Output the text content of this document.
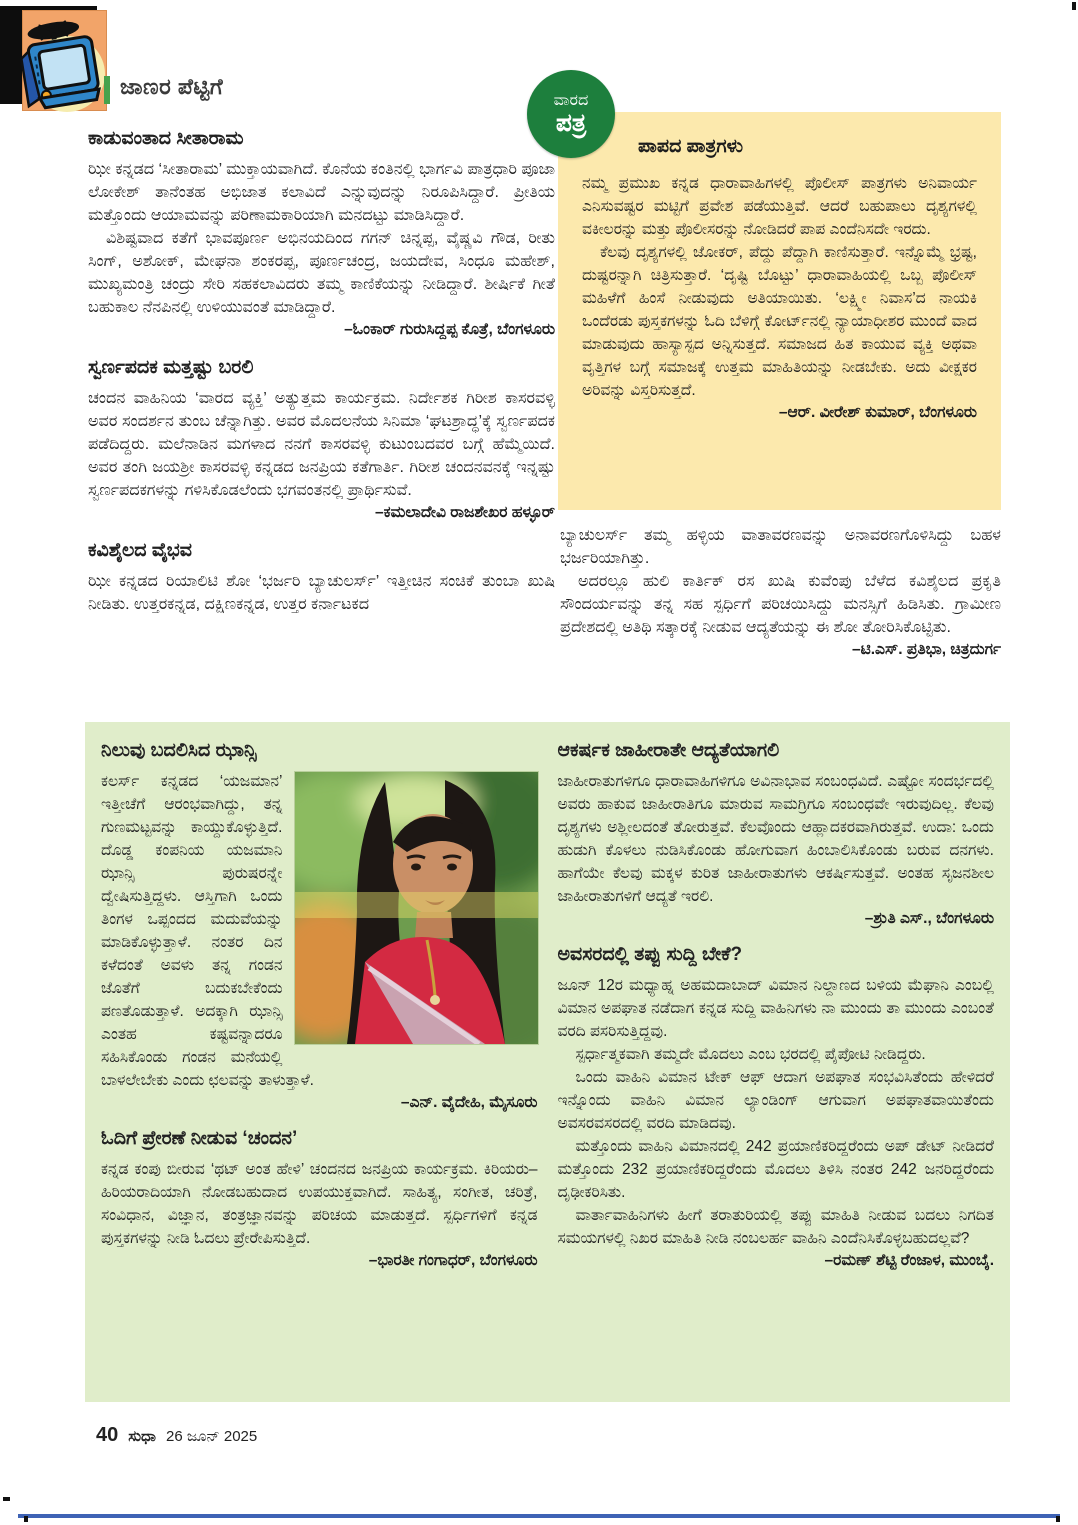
ಜಾಣರ ಪೆಟ್ಟಿಗೆ
ವಾರದ
ಪತ್ರ
ಕಾಡುವಂತಾದ ಸೀತಾರಾಮ

ಝೀ ಕನ್ನಡದ ‘ಸೀತಾರಾಮ’ ಮುಕ್ತಾಯವಾಗಿದೆ. ಕೊನೆಯ ಕಂತಿನಲ್ಲಿ ಭಾರ್ಗವಿ ಪಾತ್ರಧಾರಿ ಪೂಜಾ ಲೋಕೇಶ್ ತಾನೆಂತಹ ಅಭಿಜಾತ ಕಲಾವಿದೆ ಎನ್ನುವುದನ್ನು ನಿರೂಪಿಸಿದ್ದಾರೆ. ಪ್ರೀತಿಯ ಮತ್ತೊಂದು ಆಯಾಮವನ್ನು ಪರಿಣಾಮಕಾರಿಯಾಗಿ ಮನದಟ್ಟು ಮಾಡಿಸಿದ್ದಾರೆ.

ವಿಶಿಷ್ಟವಾದ ಕತೆಗೆ ಭಾವಪೂರ್ಣ ಅಭಿನಯದಿಂದ ಗಗನ್ ಚಿನ್ನಪ್ಪ, ವೈಷ್ಣವಿ ಗೌಡ, ರೀತು ಸಿಂಗ್, ಅಶೋಕ್, ಮೇಘನಾ ಶಂಕರಪ್ಪ, ಪೂರ್ಣಚಂದ್ರ, ಜಯದೇವ, ಸಿಂಧೂ ಮಹೇಶ್, ಮುಖ್ಯಮಂತ್ರಿ ಚಂದ್ರು ಸೇರಿ ಸಹಕಲಾವಿದರು ತಮ್ಮ ಕಾಣಿಕೆಯನ್ನು ನೀಡಿದ್ದಾರೆ. ಶೀರ್ಷಿಕೆ ಗೀತೆ ಬಹುಕಾಲ ನೆನಪಿನಲ್ಲಿ ಉಳಿಯುವಂತೆ ಮಾಡಿದ್ದಾರೆ.

–ಓಂಕಾರ್ ಗುರುಸಿದ್ದಪ್ಪ ಕೊತ್ರೆ, ಬೆಂಗಳೂರು
ಸ್ವರ್ಣಪದಕ ಮತ್ತಷ್ಟು ಬರಲಿ

ಚಂದನ ವಾಹಿನಿಯ ‘ವಾರದ ವ್ಯಕ್ತಿ’ ಅತ್ಯುತ್ತಮ ಕಾರ್ಯಕ್ರಮ. ನಿರ್ದೇಶಕ ಗಿರೀಶ ಕಾಸರವಳ್ಳಿ ಅವರ ಸಂದರ್ಶನ ತುಂಬ ಚೆನ್ನಾಗಿತ್ತು. ಅವರ ಮೊದಲನೆಯ ಸಿನಿಮಾ ‘ಘಟಶ್ರಾದ್ಧ’ಕ್ಕೆ ಸ್ವರ್ಣಪದಕ ಪಡೆದಿದ್ದರು. ಮಲೆನಾಡಿನ ಮಗಳಾದ ನನಗೆ ಕಾಸರವಳ್ಳಿ ಕುಟುಂಬದವರ ಬಗ್ಗೆ ಹೆಮ್ಮೆಯಿದೆ. ಅವರ ತಂಗಿ ಜಯಶ್ರೀ ಕಾಸರವಳ್ಳಿ ಕನ್ನಡದ ಜನಪ್ರಿಯ ಕತೆಗಾರ್ತಿ. ಗಿರೀಶ ಚಂದನವನಕ್ಕೆ ಇನ್ನಷ್ಟು ಸ್ವರ್ಣಪದಕಗಳನ್ನು ಗಳಿಸಿಕೊಡಲೆಂದು ಭಗವಂತನಲ್ಲಿ ಪ್ರಾರ್ಥಿಸುವೆ.

–ಕಮಲಾದೇವಿ ರಾಜಶೇಖರ ಹಳ್ಳೂರ್
ಕವಿಶೈಲದ ವೈಭವ

ಝೀ ಕನ್ನಡದ ರಿಯಾಲಿಟಿ ಶೋ ‘ಭರ್ಜರಿ ಬ್ಯಾಚುಲರ್ಸ್’ ಇತ್ತೀಚಿನ ಸಂಚಿಕೆ ತುಂಬಾ ಖುಷಿ ನೀಡಿತು. ಉತ್ತರಕನ್ನಡ, ದಕ್ಷಿಣಕನ್ನಡ, ಉತ್ತರ ಕರ್ನಾಟಕದ

ಪಾಪದ ಪಾತ್ರಗಳು

ನಮ್ಮ ಪ್ರಮುಖ ಕನ್ನಡ ಧಾರಾವಾಹಿಗಳಲ್ಲಿ ಪೊಲೀಸ್ ಪಾತ್ರಗಳು ಅನಿವಾರ್ಯ ಎನಿಸುವಷ್ಟರ ಮಟ್ಟಿಗೆ ಪ್ರವೇಶ ಪಡೆಯುತ್ತಿವೆ. ಆದರೆ ಬಹುಪಾಲು ದೃಶ್ಯಗಳಲ್ಲಿ ವಕೀಲರನ್ನು ಮತ್ತು ಪೊಲೀಸರನ್ನು ನೋಡಿದರೆ ಪಾಪ ಎಂದೆನಿಸದೇ ಇರದು.

ಕೆಲವು ದೃಶ್ಯಗಳಲ್ಲಿ ಜೋಕರ್, ಪೆದ್ದು ಪೆದ್ದಾಗಿ ಕಾಣಿಸುತ್ತಾರೆ. ಇನ್ನೊಮ್ಮೆ ಭ್ರಷ್ಟ, ದುಷ್ಟರನ್ನಾಗಿ ಚಿತ್ರಿಸುತ್ತಾರೆ. ‘ದೃಷ್ಟಿ ಬೊಟ್ಟು’ ಧಾರಾವಾಹಿಯಲ್ಲಿ ಒಬ್ಬ ಪೊಲೀಸ್ ಮಹಿಳೆಗೆ ಹಿಂಸೆ ನೀಡುವುದು ಅತಿಯಾಯಿತು. ‘ಲಕ್ಷ್ಮೀ ನಿವಾಸ’ದ ನಾಯಕಿ ಒಂದೆರಡು ಪುಸ್ತಕಗಳನ್ನು ಓದಿ ಬೆಳಿಗ್ಗೆ ಕೋರ್ಟ್‌ನಲ್ಲಿ ನ್ಯಾಯಾಧೀಶರ ಮುಂದೆ ವಾದ ಮಾಡುವುದು ಹಾಸ್ಯಾಸ್ಪದ ಅನ್ನಿಸುತ್ತದೆ. ಸಮಾಜದ ಹಿತ ಕಾಯುವ ವ್ಯಕ್ತಿ ಅಥವಾ ವೃತ್ತಿಗಳ ಬಗ್ಗೆ ಸಮಾಜಕ್ಕೆ ಉತ್ತಮ ಮಾಹಿತಿಯನ್ನು ನೀಡಬೇಕು. ಅದು ವೀಕ್ಷಕರ ಅರಿವನ್ನು ವಿಸ್ತರಿಸುತ್ತದೆ.

–ಆರ್. ವೀರೇಶ್ ಕುಮಾರ್, ಬೆಂಗಳೂರು

ಬ್ಯಾಚುಲರ್ಸ್ ತಮ್ಮ ಹಳ್ಳಿಯ ವಾತಾವರಣವನ್ನು ಅನಾವರಣಗೊಳಿಸಿದ್ದು ಬಹಳ ಭರ್ಜರಿಯಾಗಿತ್ತು.

ಅದರಲ್ಲೂ ಹುಲಿ ಕಾರ್ತಿಕ್ ರಸ ಖುಷಿ ಕುವೆಂಪು ಬೆಳೆದ ಕವಿಶೈಲದ ಪ್ರಕೃತಿ ಸೌಂದರ್ಯವನ್ನು ತನ್ನ ಸಹ ಸ್ಪರ್ಧಿಗೆ ಪರಿಚಯಿಸಿದ್ದು ಮನಸ್ಸಿಗೆ ಹಿಡಿಸಿತು. ಗ್ರಾಮೀಣ ಪ್ರದೇಶದಲ್ಲಿ ಅತಿಥಿ ಸತ್ಕಾರಕ್ಕೆ ನೀಡುವ ಆದ್ಯತೆಯನ್ನು ಈ ಶೋ ತೋರಿಸಿಕೊಟ್ಟಿತು.

–ಟಿ.ಎಸ್. ಪ್ರತಿಭಾ, ಚಿತ್ರದುರ್ಗ
ನಿಲುವು ಬದಲಿಸಿದ ಝಾನ್ಸಿ

ಕಲರ್ಸ್ ಕನ್ನಡದ ‘ಯಜಮಾನ’ ಇತ್ತೀಚೆಗೆ ಆರಂಭವಾಗಿದ್ದು, ತನ್ನ ಗುಣಮಟ್ಟವನ್ನು ಕಾಯ್ದುಕೊಳ್ಳುತ್ತಿದೆ. ದೊಡ್ಡ ಕಂಪನಿಯ ಯಜಮಾನಿ ಝಾನ್ಸಿ ಪುರುಷರನ್ನೇ ದ್ವೇಷಿಸುತ್ತಿದ್ದಳು. ಆಸ್ತಿಗಾಗಿ ಒಂದು ತಿಂಗಳ ಒಪ್ಪಂದದ ಮದುವೆಯನ್ನು ಮಾಡಿಕೊಳ್ಳುತ್ತಾಳೆ. ನಂತರ ದಿನ ಕಳೆದಂತೆ ಅವಳು ತನ್ನ ಗಂಡನ ಜೊತೆಗೆ ಬದುಕಬೇಕೆಂದು ಪಣತೊಡುತ್ತಾಳೆ. ಅದಕ್ಕಾಗಿ ಝಾನ್ಸಿ ಎಂತಹ ಕಷ್ಟವನ್ನಾದರೂ ಸಹಿಸಿಕೊಂಡು ಗಂಡನ ಮನೆಯಲ್ಲಿ ಬಾಳಲೇಬೇಕು ಎಂದು ಛಲವನ್ನು ತಾಳುತ್ತಾಳೆ.

–ಎನ್. ವೈದೇಹಿ, ಮೈಸೂರು
ಓದಿಗೆ ಪ್ರೇರಣೆ ನೀಡುವ ‘ಚಂದನ’

ಕನ್ನಡ ಕಂಪು ಬೀರುವ ‘ಥಟ್ ಅಂತ ಹೇಳಿ’ ಚಂದನದ ಜನಪ್ರಿಯ ಕಾರ್ಯಕ್ರಮ. ಕಿರಿಯರು–ಹಿರಿಯರಾದಿಯಾಗಿ ನೋಡಬಹುದಾದ ಉಪಯುಕ್ತವಾಗಿದೆ. ಸಾಹಿತ್ಯ, ಸಂಗೀತ, ಚರಿತ್ರೆ, ಸಂವಿಧಾನ, ವಿಜ್ಞಾನ, ತಂತ್ರಜ್ಞಾನವನ್ನು ಪರಿಚಯ ಮಾಡುತ್ತದೆ. ಸ್ಪರ್ಧಿಗಳಿಗೆ ಕನ್ನಡ ಪುಸ್ತಕಗಳನ್ನು ನೀಡಿ ಓದಲು ಪ್ರೇರೇಪಿಸುತ್ತಿದೆ.

–ಭಾರತೀ ಗಂಗಾಧರ್, ಬೆಂಗಳೂರು
ಆಕರ್ಷಕ ಜಾಹೀರಾತೇ ಆದ್ಯತೆಯಾಗಲಿ

ಜಾಹೀರಾತುಗಳಿಗೂ ಧಾರಾವಾಹಿಗಳಿಗೂ ಅವಿನಾಭಾವ ಸಂಬಂಧವಿದೆ. ಎಷ್ಟೋ ಸಂದರ್ಭದಲ್ಲಿ ಅವರು ಹಾಕುವ ಜಾಹೀರಾತಿಗೂ ಮಾರುವ ಸಾಮಗ್ರಿಗೂ ಸಂಬಂಧವೇ ಇರುವುದಿಲ್ಲ. ಕೆಲವು ದೃಶ್ಯಗಳು ಅಶ್ಲೀಲದಂತೆ ತೋರುತ್ತವೆ. ಕೆಲವೊಂದು ಆಹ್ಲಾದಕರವಾಗಿರುತ್ತವೆ. ಉದಾ: ಒಂದು ಹುಡುಗಿ ಕೊಳಲು ನುಡಿಸಿಕೊಂಡು ಹೋಗುವಾಗ ಹಿಂಬಾಲಿಸಿಕೊಂಡು ಬರುವ ದನಗಳು. ಹಾಗೆಯೇ ಕೆಲವು ಮಕ್ಕಳ ಕುರಿತ ಜಾಹೀರಾತುಗಳು ಆಕರ್ಷಿಸುತ್ತವೆ. ಅಂತಹ ಸೃಜನಶೀಲ ಜಾಹೀರಾತುಗಳಿಗೆ ಆದ್ಯತೆ ಇರಲಿ.

–ಶ್ರುತಿ ಎಸ್., ಬೆಂಗಳೂರು
ಅವಸರದಲ್ಲಿ ತಪ್ಪು ಸುದ್ದಿ ಬೇಕೆ?

ಜೂನ್ 12ರ ಮಧ್ಯಾಹ್ನ ಅಹಮದಾಬಾದ್ ವಿಮಾನ ನಿಲ್ದಾಣದ ಬಳಿಯ ಮೆಘಾನಿ ಎಂಬಲ್ಲಿ ವಿಮಾನ ಅಪಘಾತ ನಡೆದಾಗ ಕನ್ನಡ ಸುದ್ದಿ ವಾಹಿನಿಗಳು ನಾ ಮುಂದು ತಾ ಮುಂದು ಎಂಬಂತೆ ವರದಿ ಪಸರಿಸುತ್ತಿದ್ದವು.

ಸ್ಪರ್ಧಾತ್ಮಕವಾಗಿ ತಮ್ಮದೇ ಮೊದಲು ಎಂಬ ಭರದಲ್ಲಿ ಪೈಪೋಟಿ ನೀಡಿದ್ದರು.

ಒಂದು ವಾಹಿನಿ ವಿಮಾನ ಟೇಕ್ ಆಫ್ ಆದಾಗ ಅಪಘಾತ ಸಂಭವಿಸಿತೆಂದು ಹೇಳಿದರೆ ಇನ್ನೊಂದು ವಾಹಿನಿ ವಿಮಾನ ಲ್ಯಾಂಡಿಂಗ್ ಆಗುವಾಗ ಅಪಘಾತವಾಯಿತೆಂದು ಅವಸರವಸರದಲ್ಲಿ ವರದಿ ಮಾಡಿದವು.

ಮತ್ತೊಂದು ವಾಹಿನಿ ವಿಮಾನದಲ್ಲಿ 242 ಪ್ರಯಾಣಿಕರಿದ್ದರೆಂದು ಅಪ್ ಡೇಟ್ ನೀಡಿದರೆ ಮತ್ತೊಂದು 232 ಪ್ರಯಾಣಿಕರಿದ್ದರೆಂದು ಮೊದಲು ತಿಳಿಸಿ ನಂತರ 242 ಜನರಿದ್ದರೆಂದು ದೃಢೀಕರಿಸಿತು.

ವಾರ್ತಾವಾಹಿನಿಗಳು ಹೀಗೆ ತರಾತುರಿಯಲ್ಲಿ ತಪ್ಪು ಮಾಹಿತಿ ನೀಡುವ ಬದಲು ನಿಗದಿತ ಸಮಯಗಳಲ್ಲಿ ನಿಖರ ಮಾಹಿತಿ ನೀಡಿ ನಂಬಲರ್ಹ ವಾಹಿನಿ ಎಂದೆನಿಸಿಕೊಳ್ಳಬಹುದಲ್ಲವೆ?

–ರಮಣ್ ಶೆಟ್ಟಿ ರೆಂಜಾಳ, ಮುಂಬೈ.
40 ಸುಧಾ 26 ಜೂನ್ 2025
